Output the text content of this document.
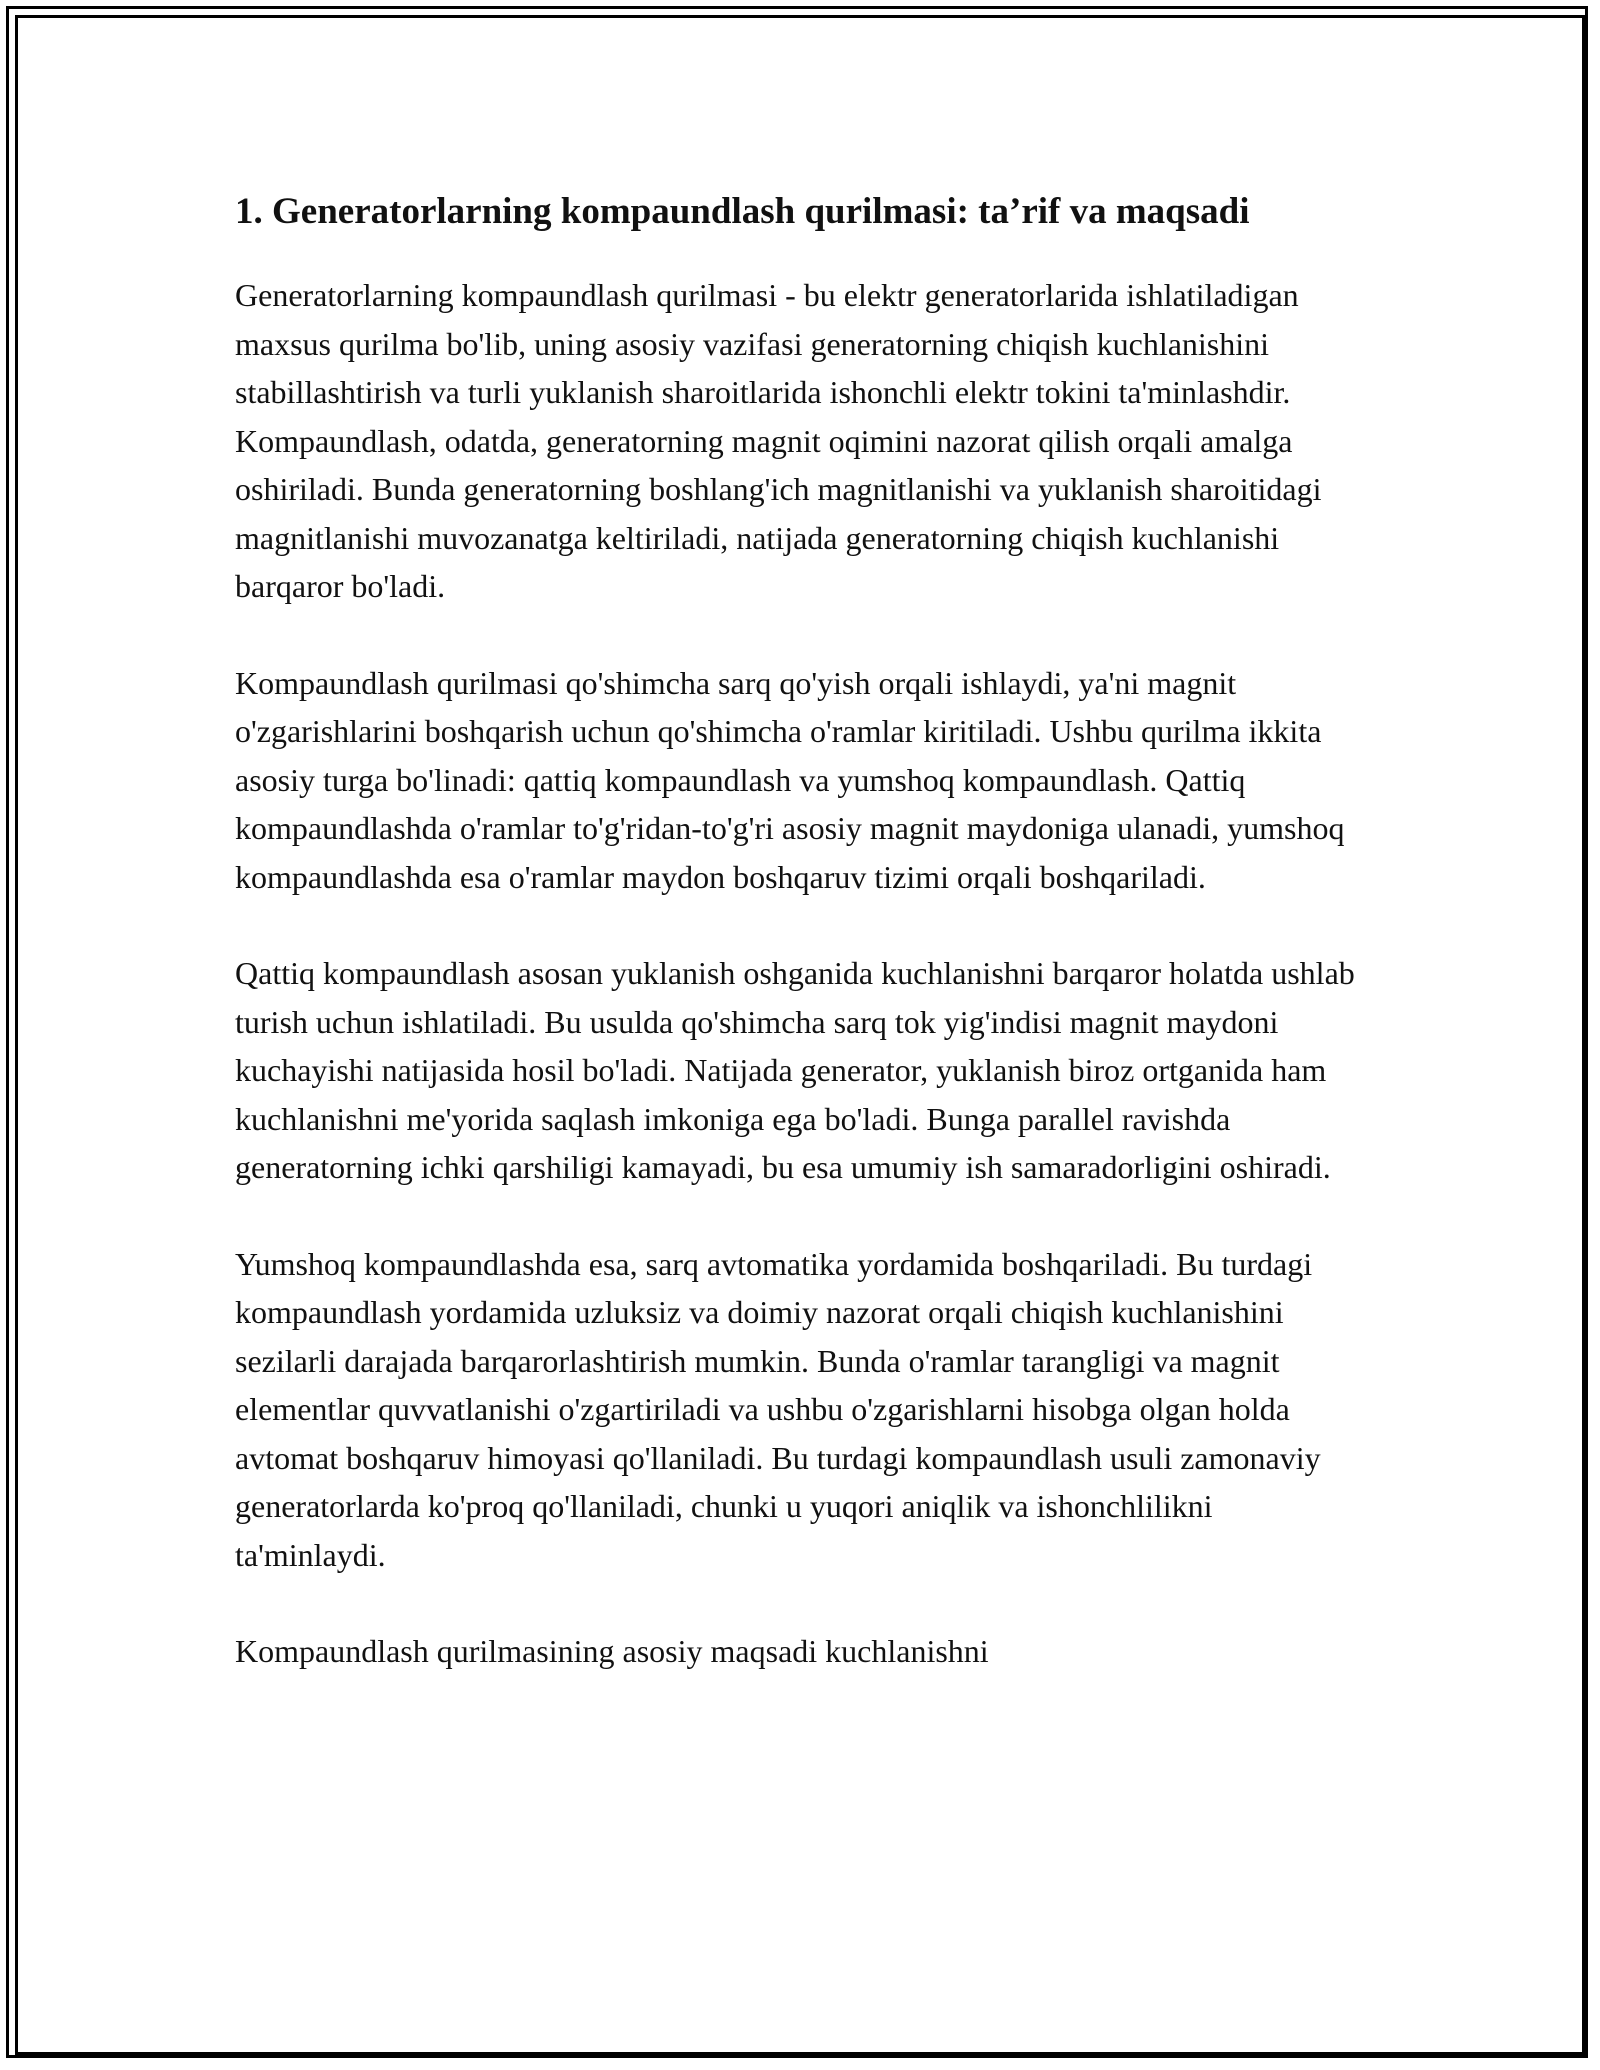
1. Generatorlarning kompaundlash qurilmasi: ta’rif va maqsadi

Generatorlarning kompaundlash qurilmasi - bu elektr generatorlarida ishlatiladigan maxsus qurilma bo'lib, uning asosiy vazifasi generatorning chiqish kuchlanishini stabillashtirish va turli yuklanish sharoitlarida ishonchli elektr tokini ta'minlashdir. Kompaundlash, odatda, generatorning magnit oqimini nazorat qilish orqali amalga oshiriladi. Bunda generatorning boshlang'ich magnitlanishi va yuklanish sharoitidagi magnitlanishi muvozanatga keltiriladi, natijada generatorning chiqish kuchlanishi barqaror bo'ladi.

Kompaundlash qurilmasi qo'shimcha sarq qo'yish orqali ishlaydi, ya'ni magnit o'zgarishlarini boshqarish uchun qo'shimcha o'ramlar kiritiladi. Ushbu qurilma ikkita asosiy turga bo'linadi: qattiq kompaundlash va yumshoq kompaundlash. Qattiq kompaundlashda o'ramlar to'g'ridan-to'g'ri asosiy magnit maydoniga ulanadi, yumshoq kompaundlashda esa o'ramlar maydon boshqaruv tizimi orqali boshqariladi.

Qattiq kompaundlash asosan yuklanish oshganida kuchlanishni barqaror holatda ushlab turish uchun ishlatiladi. Bu usulda qo'shimcha sarq tok yig'indisi magnit maydoni kuchayishi natijasida hosil bo'ladi. Natijada generator, yuklanish biroz ortganida ham kuchlanishni me'yorida saqlash imkoniga ega bo'ladi. Bunga parallel ravishda generatorning ichki qarshiligi kamayadi, bu esa umumiy ish samaradorligini oshiradi.

Yumshoq kompaundlashda esa, sarq avtomatika yordamida boshqariladi. Bu turdagi kompaundlash yordamida uzluksiz va doimiy nazorat orqali chiqish kuchlanishini sezilarli darajada barqarorlashtirish mumkin. Bunda o'ramlar tarangligi va magnit elementlar quvvatlanishi o'zgartiriladi va ushbu o'zgarishlarni hisobga olgan holda avtomat boshqaruv himoyasi qo'llaniladi. Bu turdagi kompaundlash usuli zamonaviy generatorlarda ko'proq qo'llaniladi, chunki u yuqori aniqlik va ishonchlilikni ta'minlaydi.

Kompaundlash qurilmasining asosiy maqsadi kuchlanishni
